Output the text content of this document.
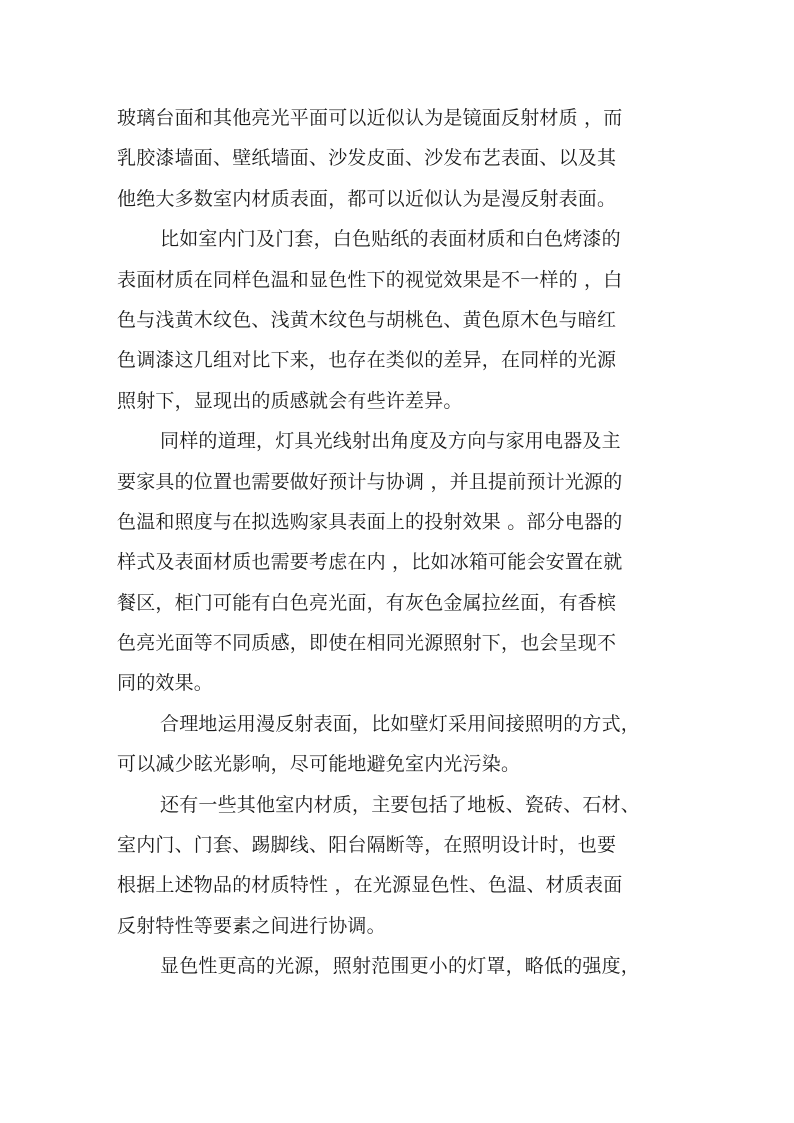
玻璃台面和其他亮光平面可以近似认为是镜面反射材质 ，而
乳胶漆墙面、壁纸墙面、沙发皮面、沙发布艺表面、以及其
他绝大多数室内材质表面，都可以近似认为是漫反射表面。
比如室内门及门套，白色贴纸的表面材质和白色烤漆的
表面材质在同样色温和显色性下的视觉效果是不一样的 ，白
色与浅黄木纹色、浅黄木纹色与胡桃色、黄色原木色与暗红
色调漆这几组对比下来，也存在类似的差异，在同样的光源
照射下，显现出的质感就会有些许差异。
同样的道理，灯具光线射出角度及方向与家用电器及主
要家具的位置也需要做好预计与协调 ，并且提前预计光源的
色温和照度与在拟选购家具表面上的投射效果 。部分电器的
样式及表面材质也需要考虑在内 ，比如冰箱可能会安置在就
餐区，柜门可能有白色亮光面，有灰色金属拉丝面，有香槟
色亮光面等不同质感，即使在相同光源照射下，也会呈现不
同的效果。
合理地运用漫反射表面，比如壁灯采用间接照明的方式，
可以减少眩光影响，尽可能地避免室内光污染。
还有一些其他室内材质，主要包括了地板、瓷砖、石材、
室内门、门套、踢脚线、阳台隔断等，在照明设计时，也要
根据上述物品的材质特性 ，在光源显色性、色温、材质表面
反射特性等要素之间进行协调。
显色性更高的光源，照射范围更小的灯罩，略低的强度，
